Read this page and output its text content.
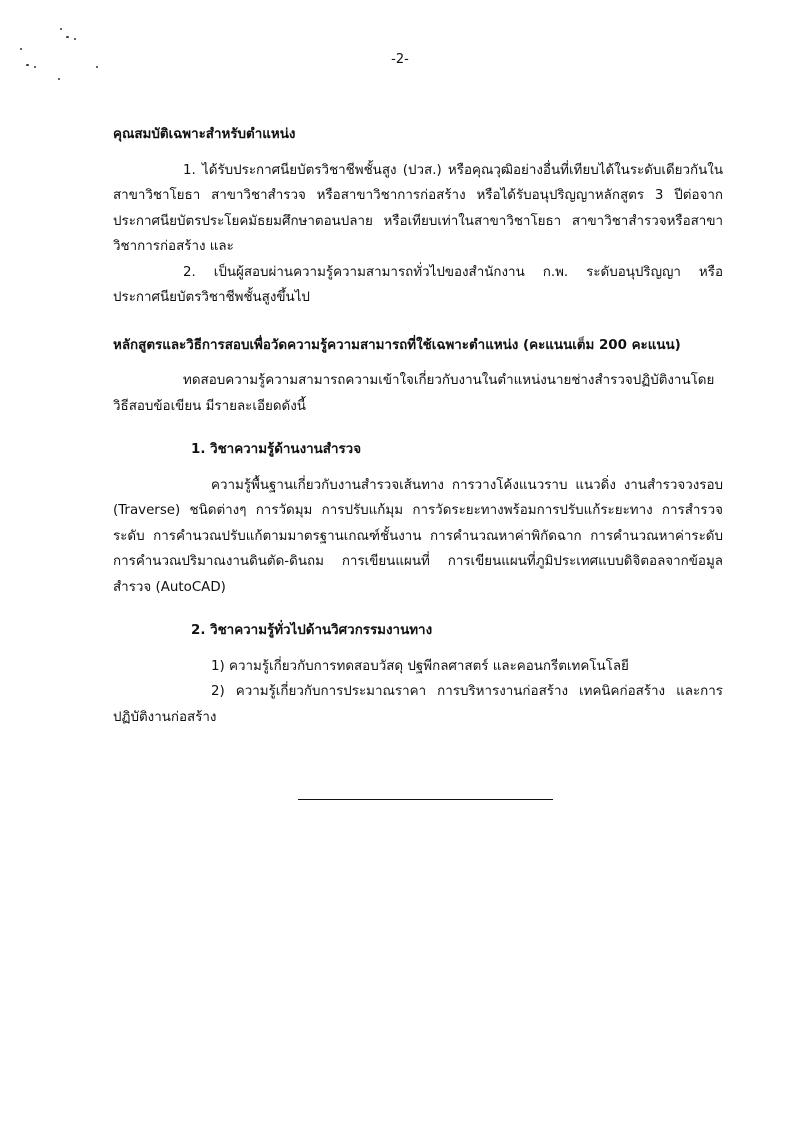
-2-

คุณสมบัติเฉพาะสำหรับตำแหน่ง

1. ได้รับประกาศนียบัตรวิชาชีพชั้นสูง (ปวส.) หรือคุณวุฒิอย่างอื่นที่เทียบได้ในระดับเดียวกันในสาขาวิชาโยธา สาขาวิชาสำรวจ หรือสาขาวิชาการก่อสร้าง หรือได้รับอนุปริญญาหลักสูตร 3 ปีต่อจากประกาศนียบัตรประโยคมัธยมศึกษาตอนปลาย หรือเทียบเท่าในสาขาวิชาโยธา สาขาวิชาสำรวจหรือสาขาวิชาการก่อสร้าง และ

2. เป็นผู้สอบผ่านความรู้ความสามารถทั่วไปของสำนักงาน ก.พ. ระดับอนุปริญญา หรือประกาศนียบัตรวิชาชีพชั้นสูงขึ้นไป

หลักสูตรและวิธีการสอบเพื่อวัดความรู้ความสามารถที่ใช้เฉพาะตำแหน่ง (คะแนนเต็ม 200 คะแนน)

ทดสอบความรู้ความสามารถความเข้าใจเกี่ยวกับงานในตำแหน่งนายช่างสำรวจปฏิบัติงานโดยวิธีสอบข้อเขียน มีรายละเอียดดังนี้

1. วิชาความรู้ด้านงานสำรวจ

ความรู้พื้นฐานเกี่ยวกับงานสำรวจเส้นทาง การวางโค้งแนวราบ แนวดิ่ง งานสำรวจวงรอบ (Traverse) ชนิดต่างๆ การวัดมุม การปรับแก้มุม การวัดระยะทางพร้อมการปรับแก้ระยะทาง การสำรวจระดับ การคำนวณปรับแก้ตามมาตรฐานเกณฑ์ชั้นงาน การคำนวณหาค่าพิกัดฉาก การคำนวณหาค่าระดับ การคำนวณปริมาณงานดินตัด-ดินถม การเขียนแผนที่ การเขียนแผนที่ภูมิประเทศแบบดิจิตอลจากข้อมูลสำรวจ (AutoCAD)

2. วิชาความรู้ทั่วไปด้านวิศวกรรมงานทาง

1) ความรู้เกี่ยวกับการทดสอบวัสดุ ปฐพีกลศาสตร์ และคอนกรีตเทคโนโลยี

2) ความรู้เกี่ยวกับการประมาณราคา การบริหารงานก่อสร้าง เทคนิคก่อสร้าง และการปฏิบัติงานก่อสร้าง
